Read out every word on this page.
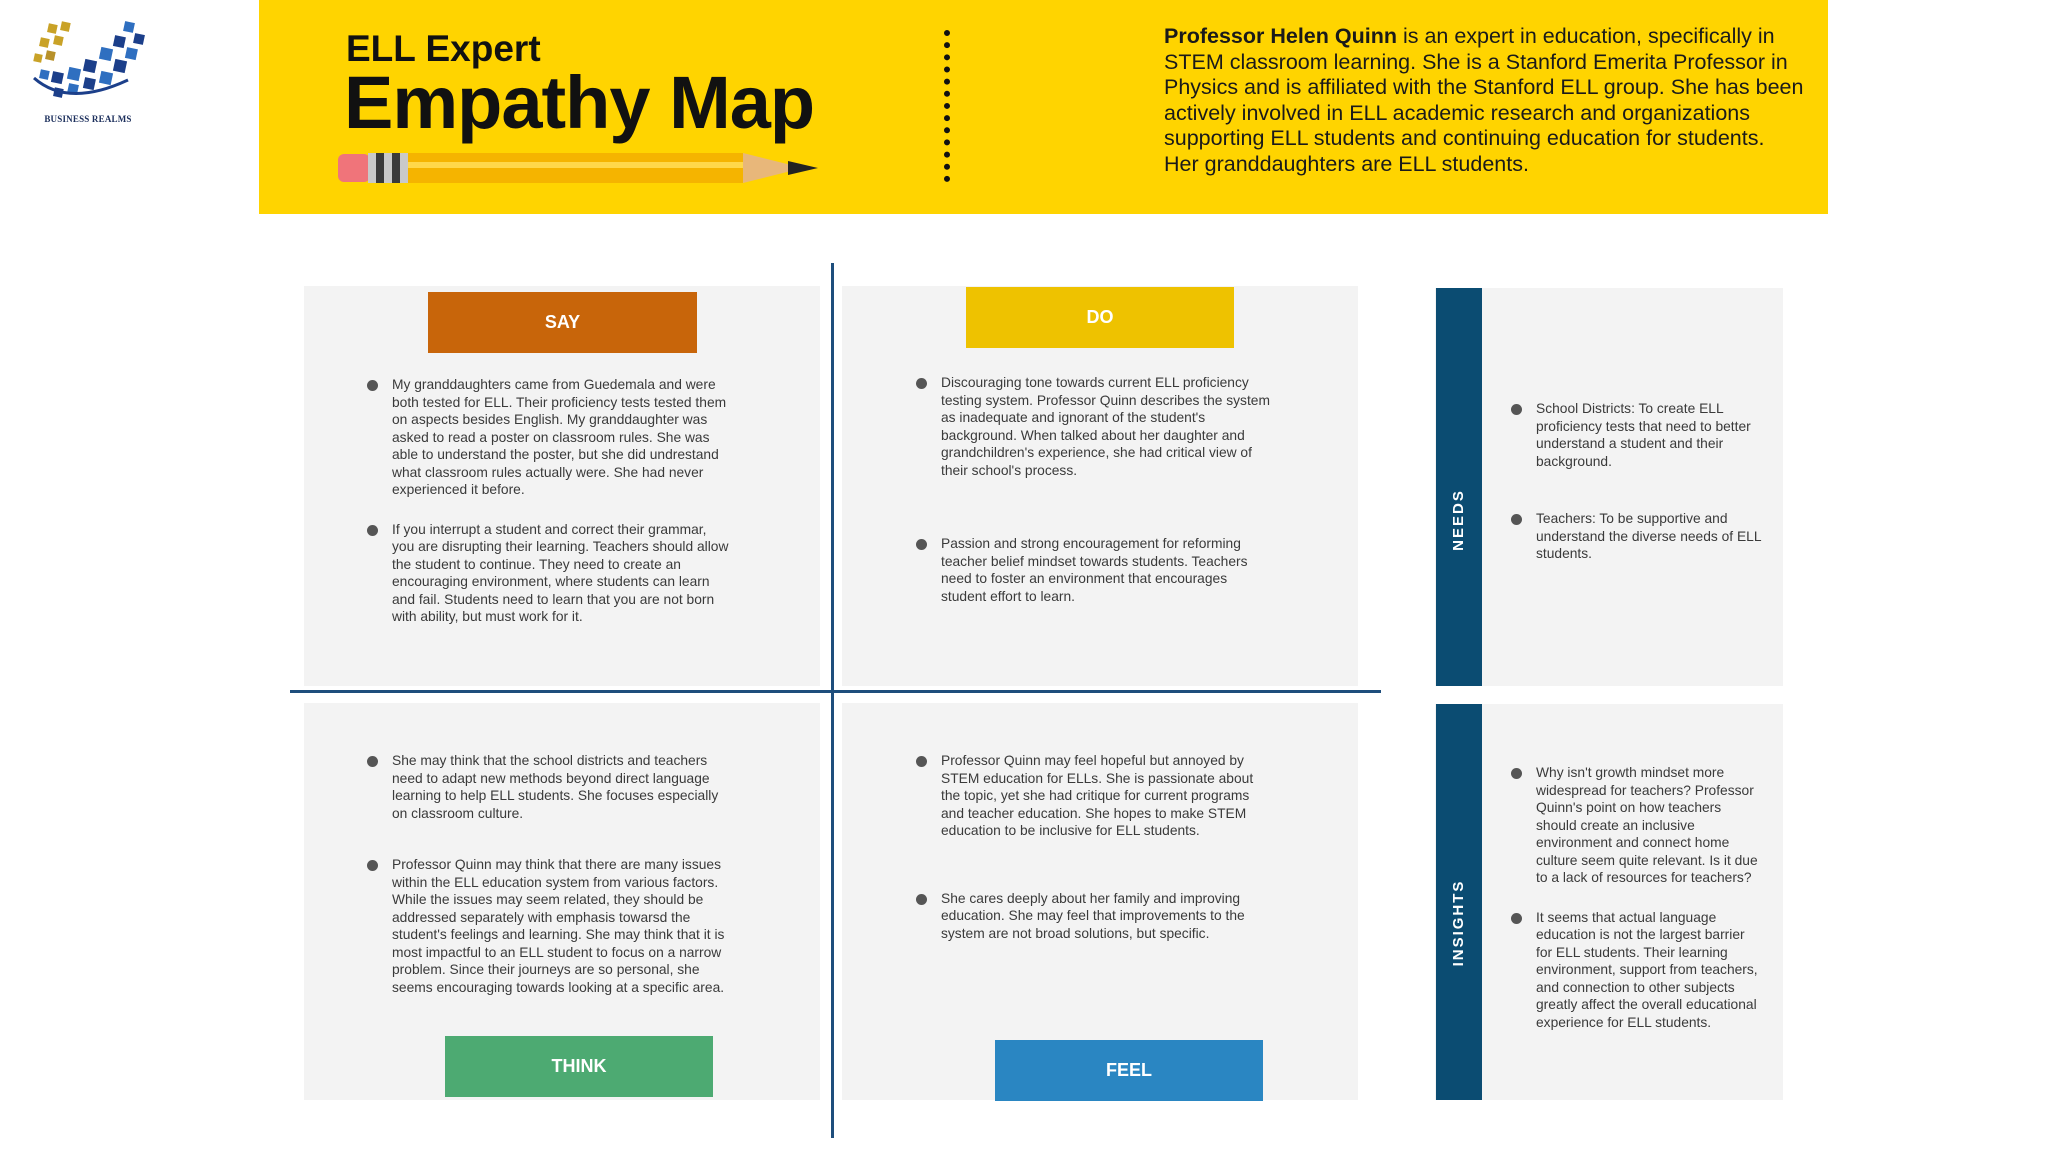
BUSINESS REALMS
ELL Expert
Empathy Map
Professor Helen Quinn is an expert in education, specifically in STEM classroom learning. She is a Stanford Emerita Professor in Physics and is affiliated with the Stanford ELL group. She has been actively involved in ELL academic research and organizations supporting ELL students and continuing education for students. Her granddaughters are ELL students.
SAY	DO
THINK	FEEL
NEEDS
INSIGHTS
My granddaughters came from Guedemala and were both tested for ELL. Their proficiency tests tested them on aspects besides English. My granddaughter was asked to read a poster on classroom rules. She was able to understand the poster, but she did undrestand what classroom rules actually were. She had never experienced it before.
If you interrupt a student and correct their grammar, you are disrupting their learning. Teachers should allow the student to continue. They need to create an encouraging environment, where students can learn and fail. Students need to learn that you are not born with ability, but must work for it.
Discouraging tone towards current ELL proficiency testing system. Professor Quinn describes the system as inadequate and ignorant of the student's background. When talked about her daughter and grandchildren's experience, she had critical view of their school's process.
Passion and strong encouragement for reforming teacher belief mindset towards students. Teachers need to foster an environment that encourages student effort to learn.
She may think that the school districts and teachers need to adapt new methods beyond direct language learning to help ELL students. She focuses especially on classroom culture.
Professor Quinn may think that there are many issues within the ELL education system from various factors. While the issues may seem related, they should be addressed separately with emphasis towarsd the student's feelings and learning. She may think that it is most impactful to an ELL student to focus on a narrow problem. Since their journeys are so personal, she seems encouraging towards looking at a specific area.
Professor Quinn may feel hopeful but annoyed by STEM education for ELLs. She is passionate about the topic, yet she had critique for current programs and teacher education. She hopes to make STEM education to be inclusive for ELL students.
She cares deeply about her family and improving education. She may feel that improvements to the system are not broad solutions, but specific.
School Districts: To create ELL proficiency tests that need to better understand a student and their background.
Teachers: To be supportive and understand the diverse needs of ELL students.
Why isn't growth mindset more widespread for teachers? Professor Quinn's point on how teachers should create an inclusive environment and connect home culture seem quite relevant. Is it due to a lack of resources for teachers?
It seems that actual language education is not the largest barrier for ELL students. Their learning environment, support from teachers, and connection to other subjects greatly affect the overall educational experience for ELL students.
